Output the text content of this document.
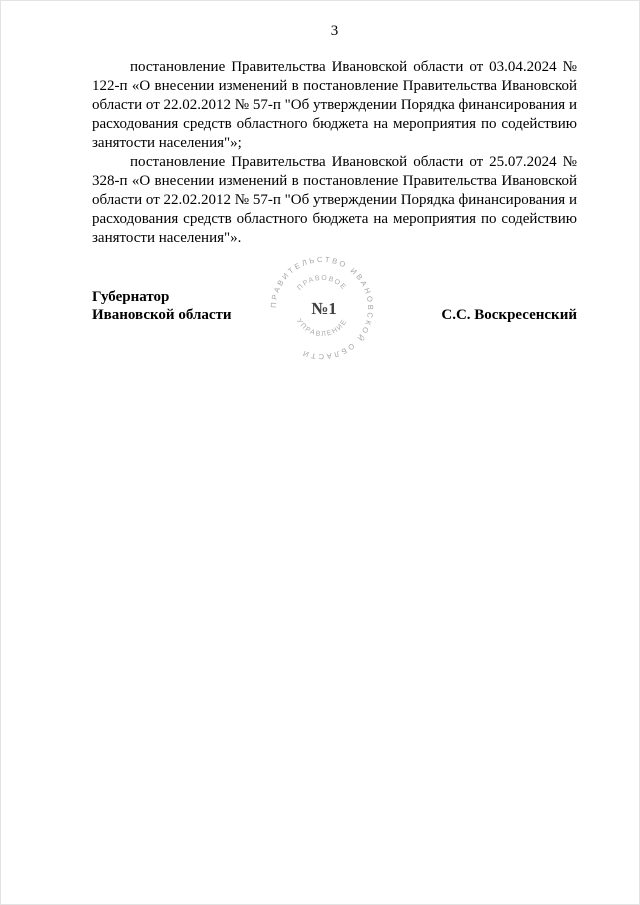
3

постановление Правительства Ивановской области от 03.04.2024 № 122-п «О внесении изменений в постановление Правительства Ивановской области от 22.02.2012 № 57-п "Об утверждении Порядка финансирования и расходования средств областного бюджета на мероприятия по содействию занятости населения"»;

постановление Правительства Ивановской области от 25.07.2024 № 328-п «О внесении изменений в постановление Правительства Ивановской области от 22.02.2012 № 57-п "Об утверждении Порядка финансирования и расходования средств областного бюджета на мероприятия по содействию занятости населения"».

ПРАВИТЕЛЬСТВО ИВАНОВСКОЙ ОБЛАСТИ
ПРАВОВОЕ
УПРАВЛЕНИЕ
№1
Губернатор
Ивановской области	С.С. Воскресенский
